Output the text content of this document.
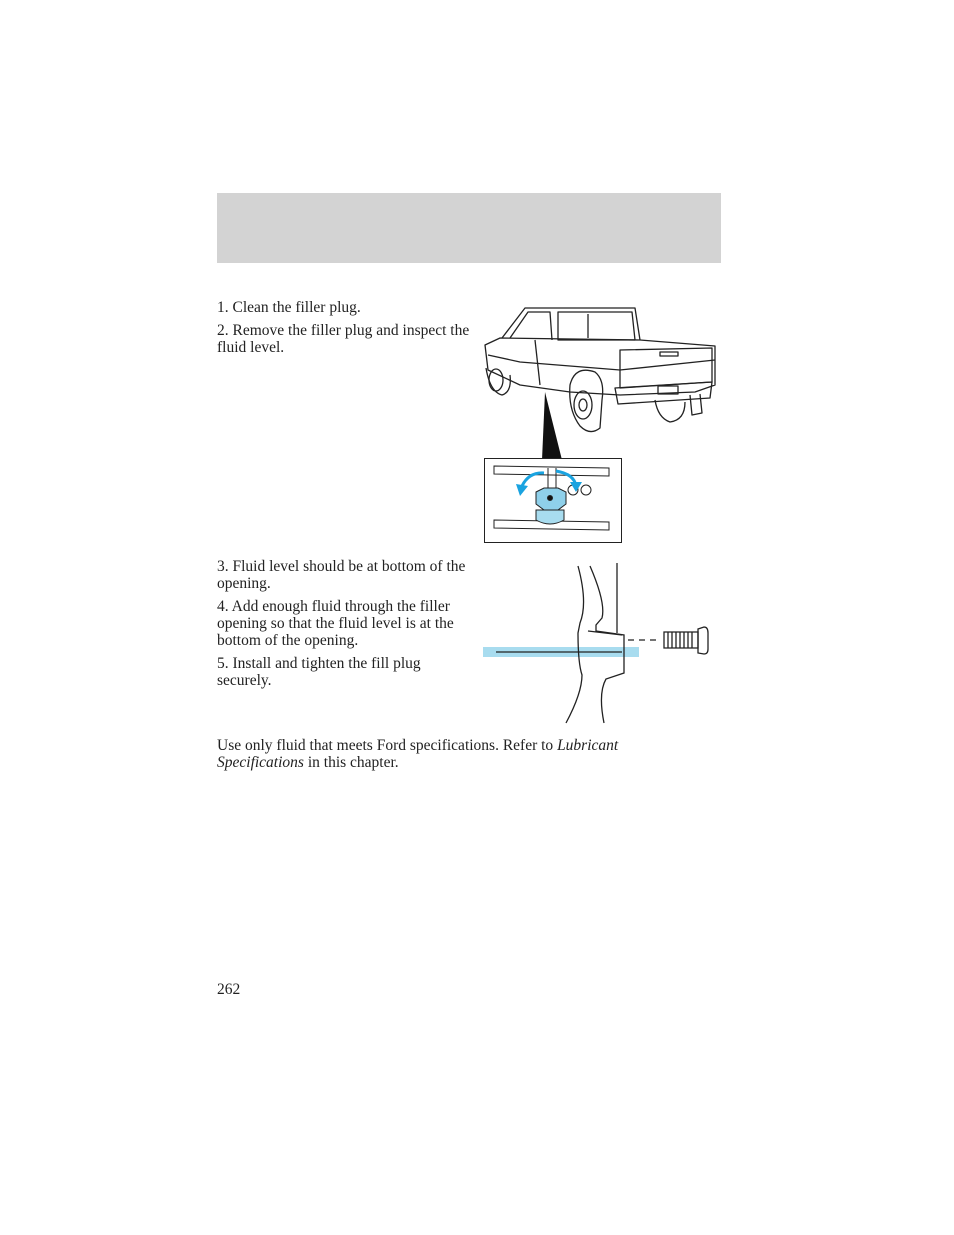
1. Clean the filler plug.

2. Remove the filler plug and inspect the fluid level.

3. Fluid level should be at bottom of the opening.

4. Add enough fluid through the filler opening so that the fluid level is at the bottom of the opening.

5. Install and tighten the fill plug securely.

Use only fluid that meets Ford specifications. Refer to Lubricant Specifications in this chapter.

262
